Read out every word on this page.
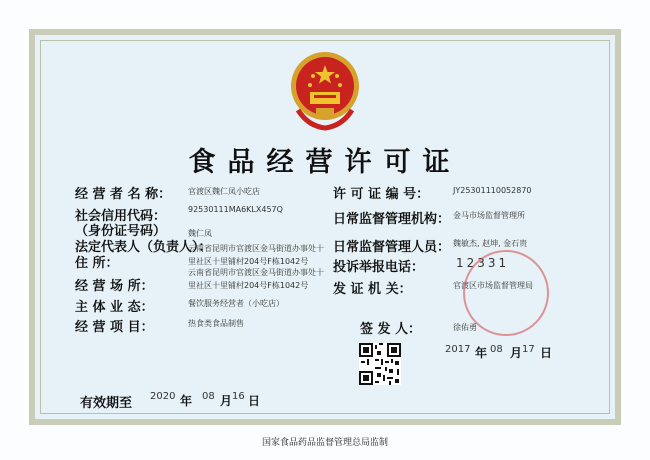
食品经营许可证
经 营 者 名 称： 官渡区魏仁凤小吃店
社会信用代码：	92530111MA6KLX457Q
（身份证号码）
法定代表人（负责人）：
魏仁凤
住 所：
云南省昆明市官渡区金马街道办事处十里社区十里铺村204号F栋1042号
经 营 场 所：
云南省昆明市官渡区金马街道办事处十里社区十里铺村204号F栋1042号
主 体 业 态：	餐饮服务经营者（小吃店）
经 营 项 目：	热食类食品制售
有效期至 2020 年 08 月 16 日
许 可 证 编 号：	JY25301110052870
日常监督管理机构： 金马市场监督管理所
日常监督管理人员： 魏敏杰, 赵坤, 金石贵
投诉举报电话：	12331
发 证 机 关：	官渡区市场监督管理局
签 发 人：	徐佑勇
2017 年 08 月 17 日
国家食品药品监督管理总局监制
